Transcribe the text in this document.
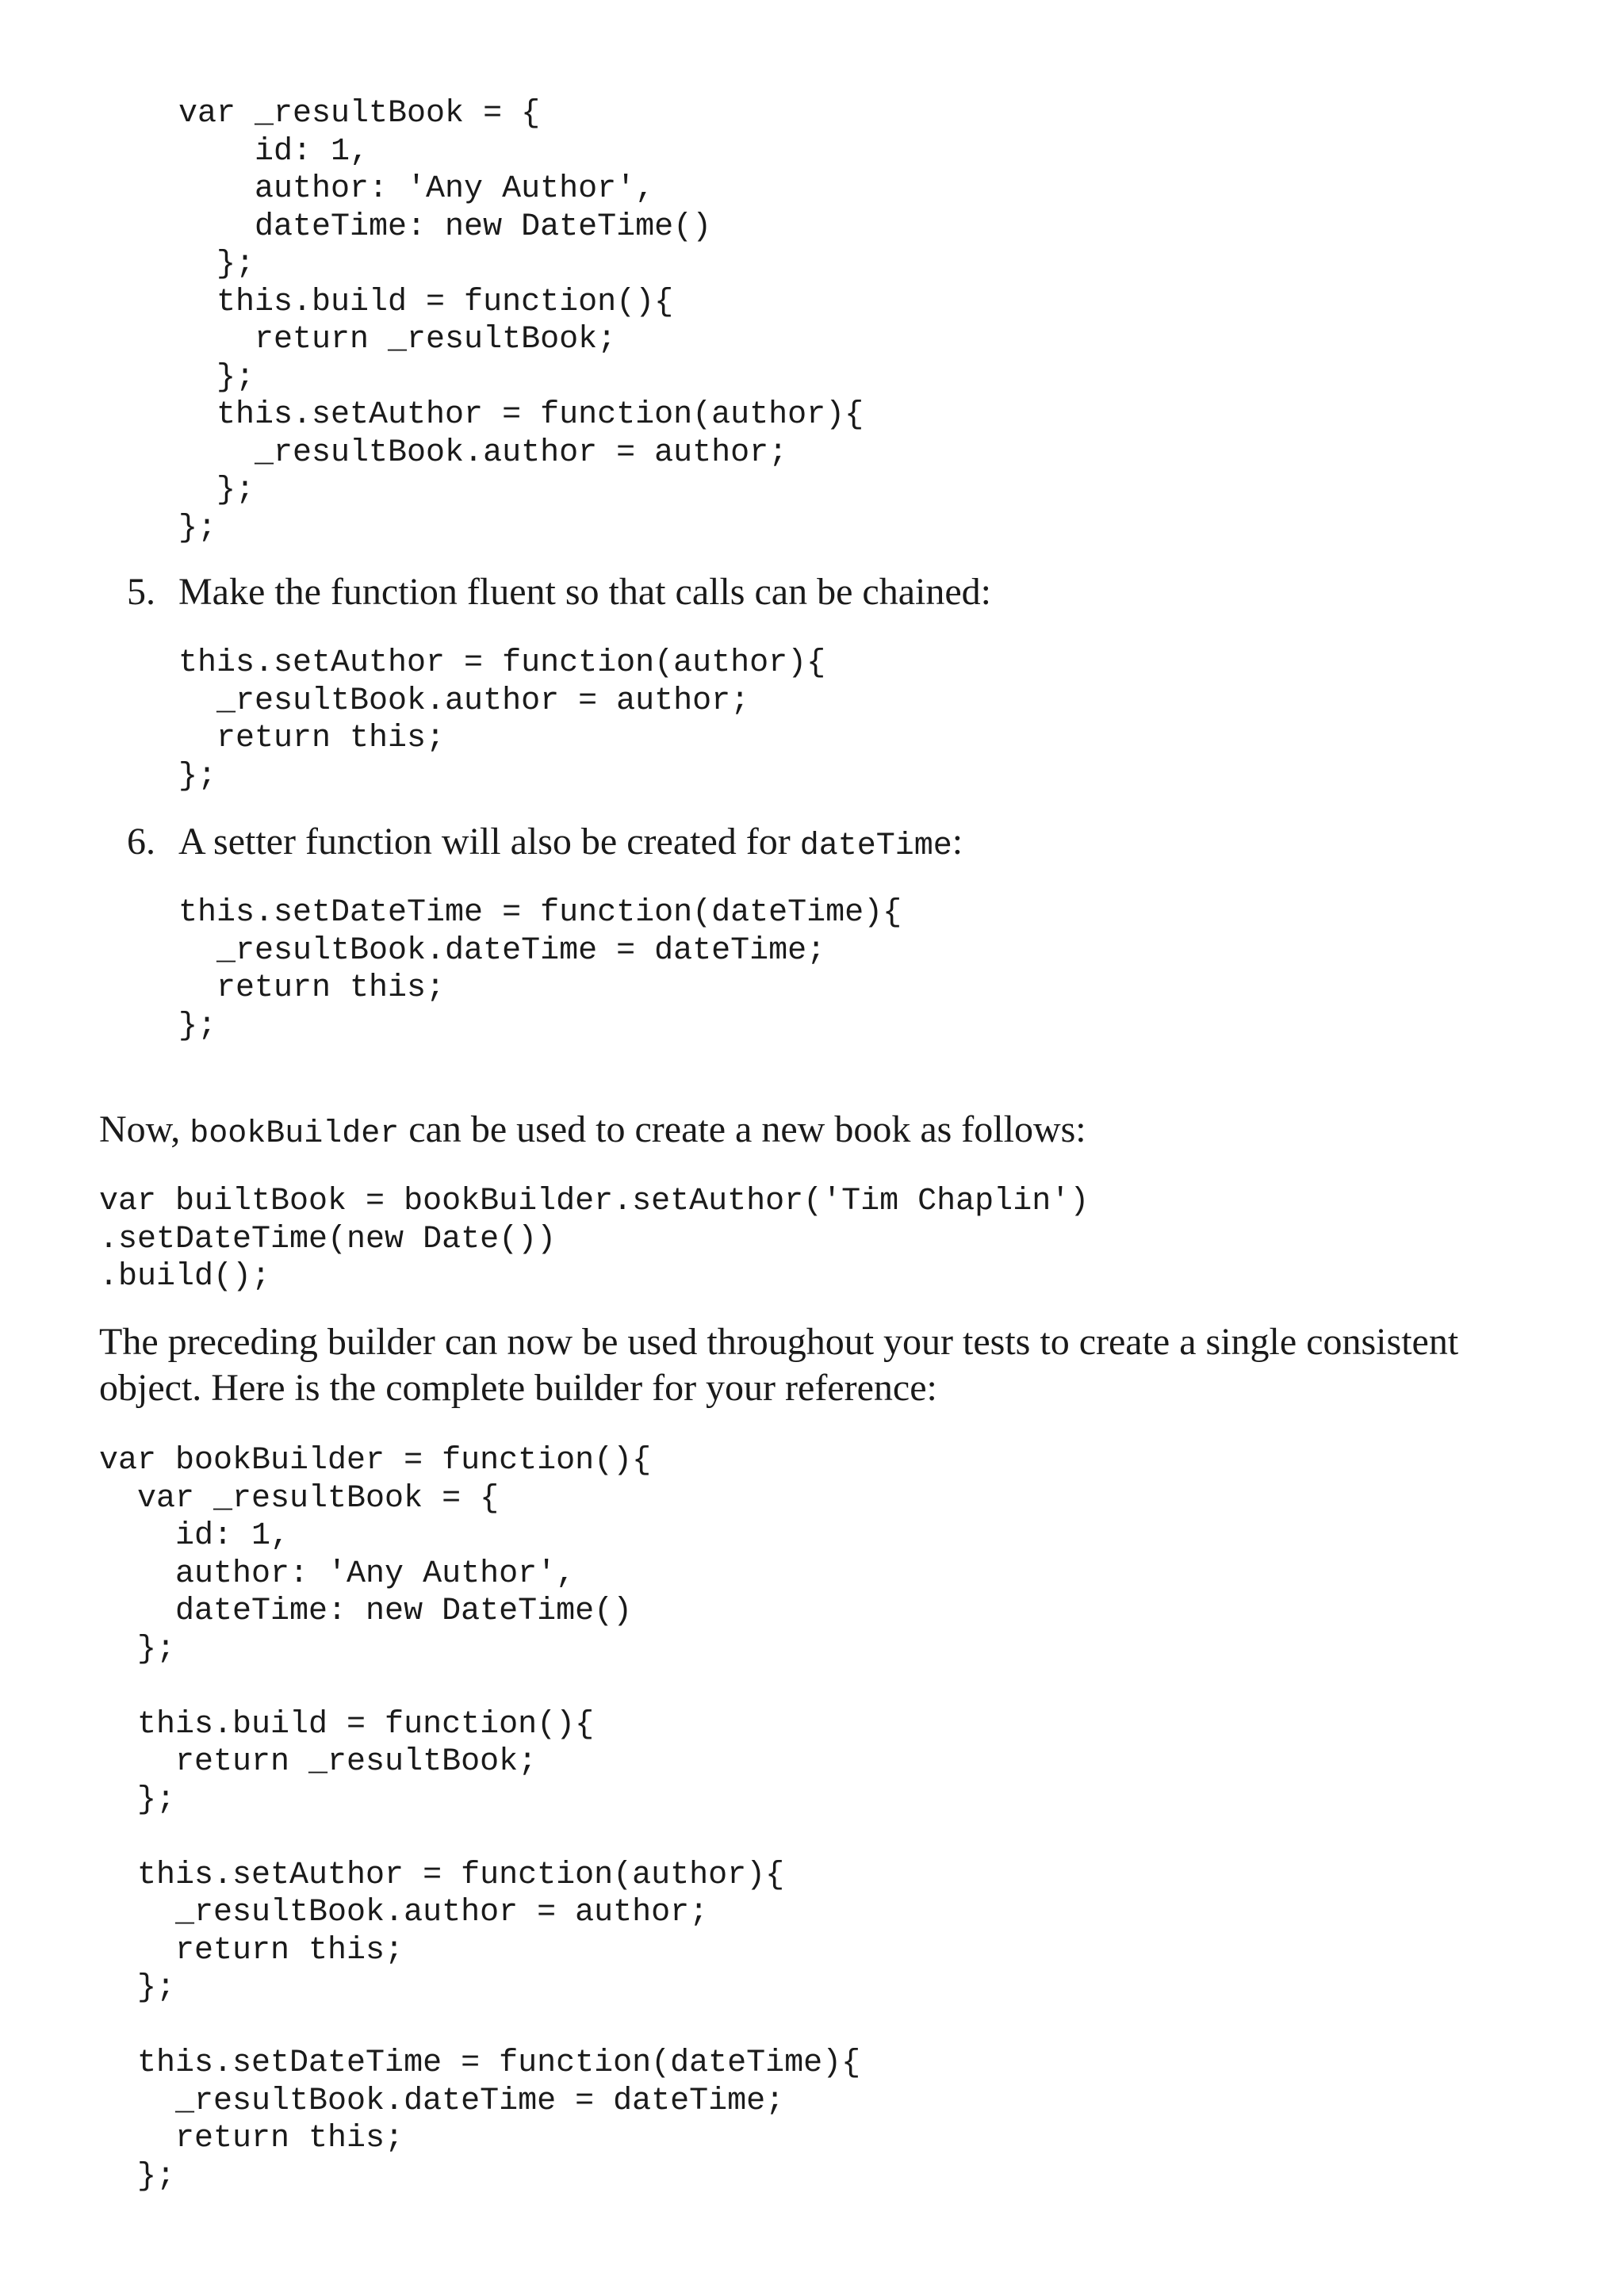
var _resultBook = {
id: 1,
author: 'Any Author',
dateTime: new DateTime()
};
this.build = function(){
return _resultBook;
};
this.setAuthor = function(author){
_resultBook.author = author;
};
};
5. Make the function fluent so that calls can be chained:

this.setAuthor = function(author){
_resultBook.author = author;
return this;
};
6. A setter function will also be created for dateTime:

this.setDateTime = function(dateTime){
_resultBook.dateTime = dateTime;
return this;
};

Now, bookBuilder can be used to create a new book as follows:

var builtBook = bookBuilder.setAuthor('Tim Chaplin')
.setDateTime(new Date())
.build();

The preceding builder can now be used throughout your tests to create a single consistent object. Here is the complete builder for your reference:

var bookBuilder = function(){
var _resultBook = {
id: 1,
author: 'Any Author',
dateTime: new DateTime()
};

this.build = function(){
return _resultBook;
};

this.setAuthor = function(author){
_resultBook.author = author;
return this;
};

this.setDateTime = function(dateTime){
_resultBook.dateTime = dateTime;
return this;
};
